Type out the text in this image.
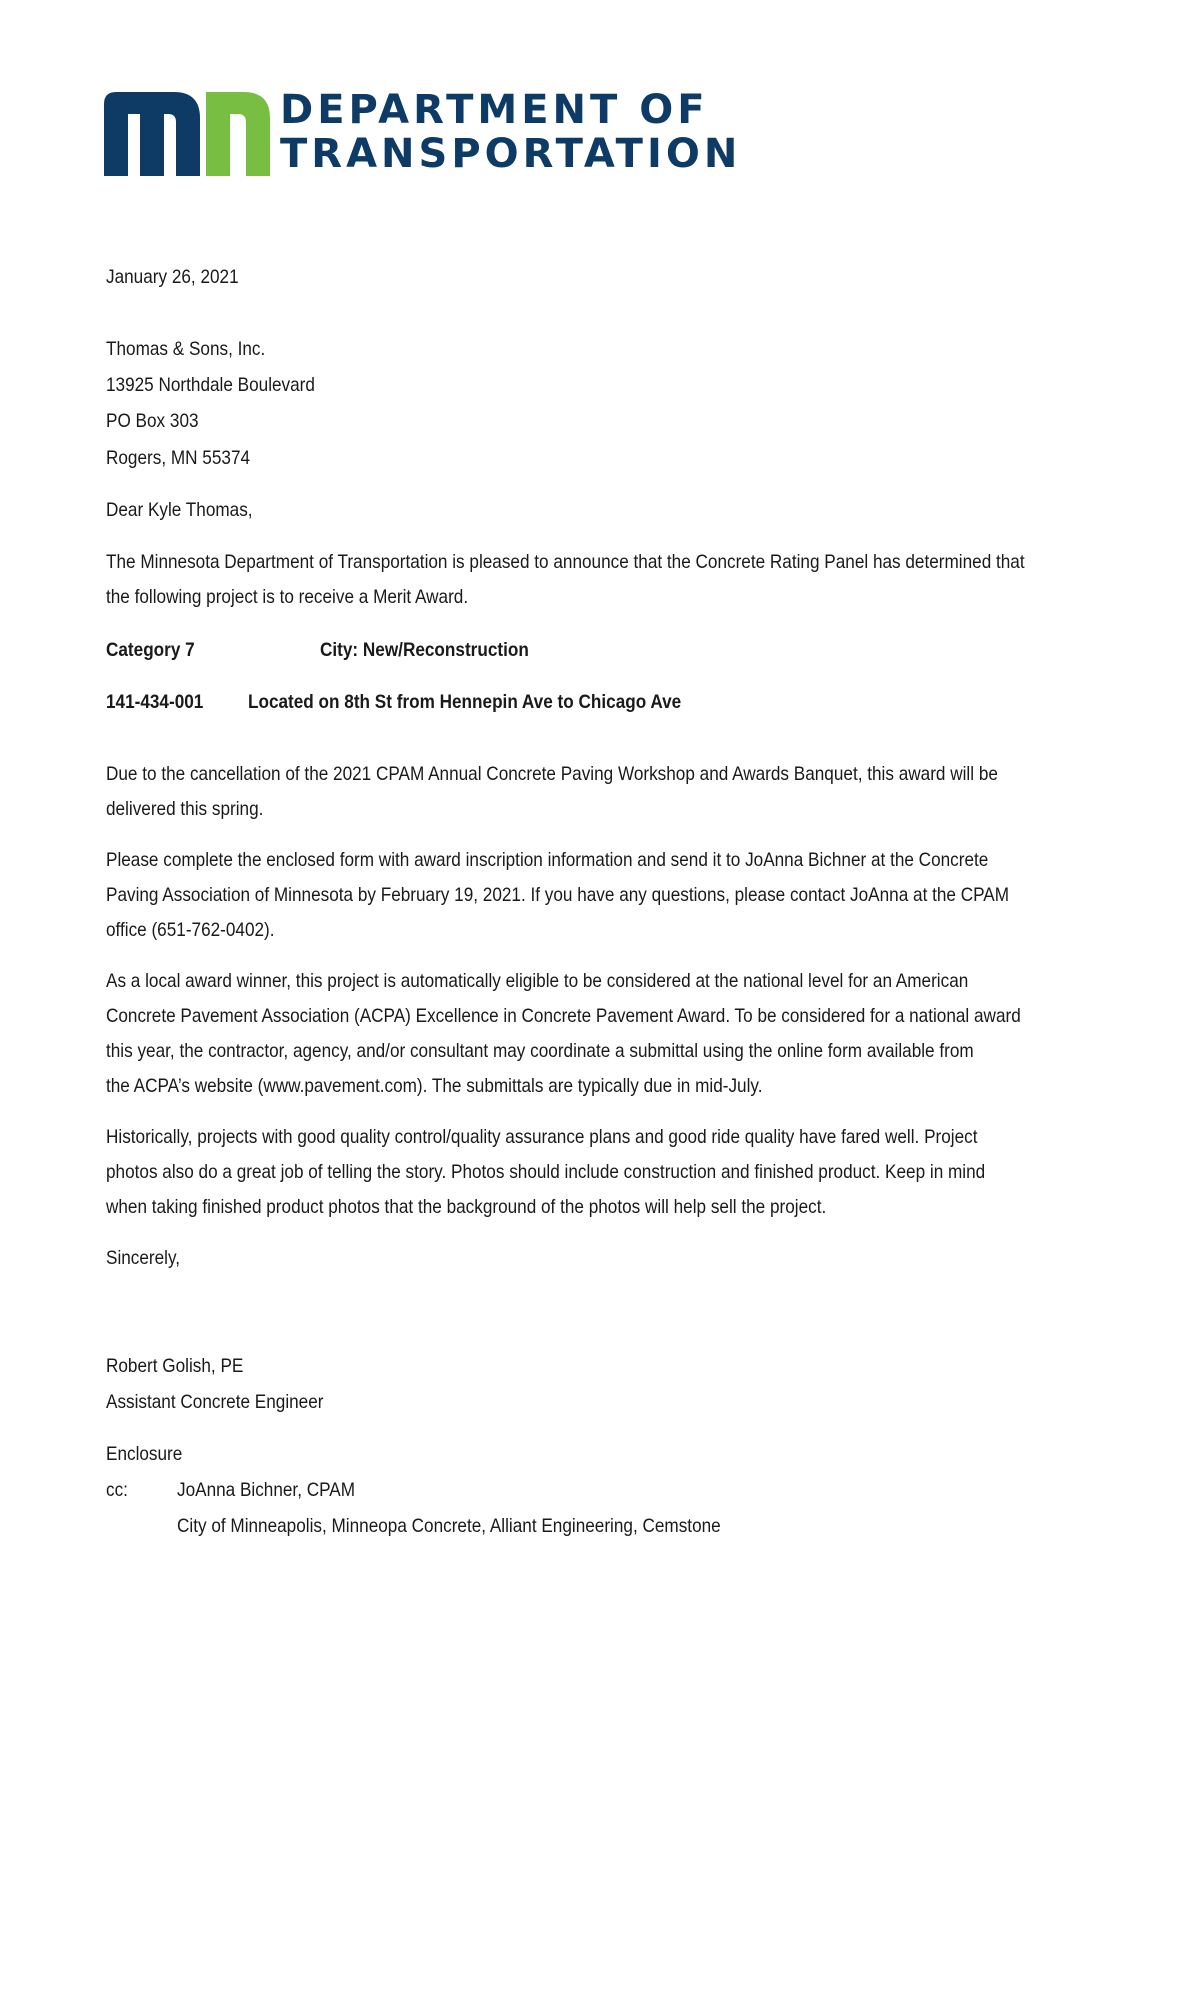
DEPARTMENT OF
TRANSPORTATION
January 26, 2021
Thomas & Sons, Inc.
13925 Northdale Boulevard
PO Box 303
Rogers, MN 55374
Dear Kyle Thomas,
The Minnesota Department of Transportation is pleased to announce that the Concrete Rating Panel has determined that
the following project is to receive a Merit Award.
Category 7	City: New/Reconstruction
141-434-001 Located on 8th St from Hennepin Ave to Chicago Ave
Due to the cancellation of the 2021 CPAM Annual Concrete Paving Workshop and Awards Banquet, this award will be
delivered this spring.
Please complete the enclosed form with award inscription information and send it to JoAnna Bichner at the Concrete
Paving Association of Minnesota by February 19, 2021. If you have any questions, please contact JoAnna at the CPAM
office (651-762-0402).
As a local award winner, this project is automatically eligible to be considered at the national level for an American
Concrete Pavement Association (ACPA) Excellence in Concrete Pavement Award. To be considered for a national award
this year, the contractor, agency, and/or consultant may coordinate a submittal using the online form available from
the ACPA’s website (www.pavement.com). The submittals are typically due in mid-July.
Historically, projects with good quality control/quality assurance plans and good ride quality have fared well. Project
photos also do a great job of telling the story. Photos should include construction and finished product. Keep in mind
when taking finished product photos that the background of the photos will help sell the project.
Sincerely,
Robert Golish, PE
Assistant Concrete Engineer
Enclosure
cc:	JoAnna Bichner, CPAM
City of Minneapolis, Minneopa Concrete, Alliant Engineering, Cemstone
